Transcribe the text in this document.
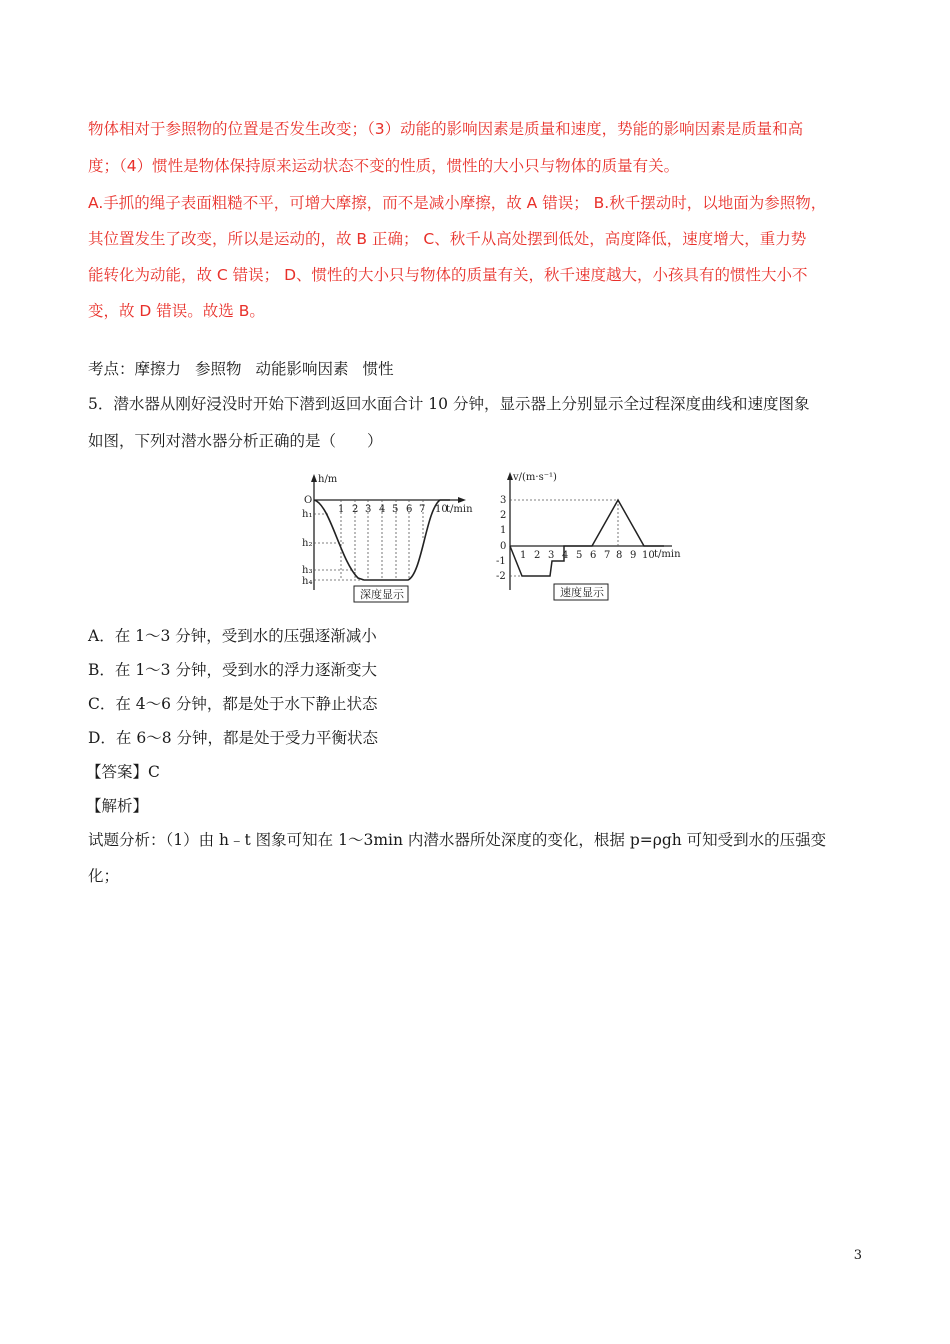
物体相对于参照物的位置是否发生改变；（3）动能的影响因素是质量和速度，势能的影响因素是质量和高
度；（4）惯性是物体保持原来运动状态不变的性质，惯性的大小只与物体的质量有关。
A.手抓的绳子表面粗糙不平，可增大摩擦，而不是减小摩擦，故 A 错误； B.秋千摆动时，以地面为参照物，
其位置发生了改变，所以是运动的，故 B 正确； C、秋千从高处摆到低处，高度降低，速度增大，重力势
能转化为动能，故 C 错误； D、惯性的大小只与物体的质量有关，秋千速度越大，小孩具有的惯性大小不
变，故 D 错误。故选 B。
考点：摩擦力 参照物 动能影响因素 惯性
5．潜水器从刚好浸没时开始下潜到返回水面合计 10 分钟，显示器上分别显示全过程深度曲线和速度图象
如图，下列对潜水器分析正确的是（　　）
h/m
t/min
O
h₁
h₂
h₃
h₄
1 2 3 4 5 6 7 10
深度显示
v/(m·s⁻¹)
t/min
3
2
1
0
-1
-2
1 2 3 4 5 6 7 8 9 10
速度显示
A．在 1～3 分钟，受到水的压强逐渐减小
B．在 1～3 分钟，受到水的浮力逐渐变大
C．在 4～6 分钟，都是处于水下静止状态
D．在 6～8 分钟，都是处于受力平衡状态
【答案】C
【解析】
试题分析：（1）由 h﹣t 图象可知在 1～3min 内潜水器所处深度的变化，根据 p=ρgh 可知受到水的压强变
化；
3
